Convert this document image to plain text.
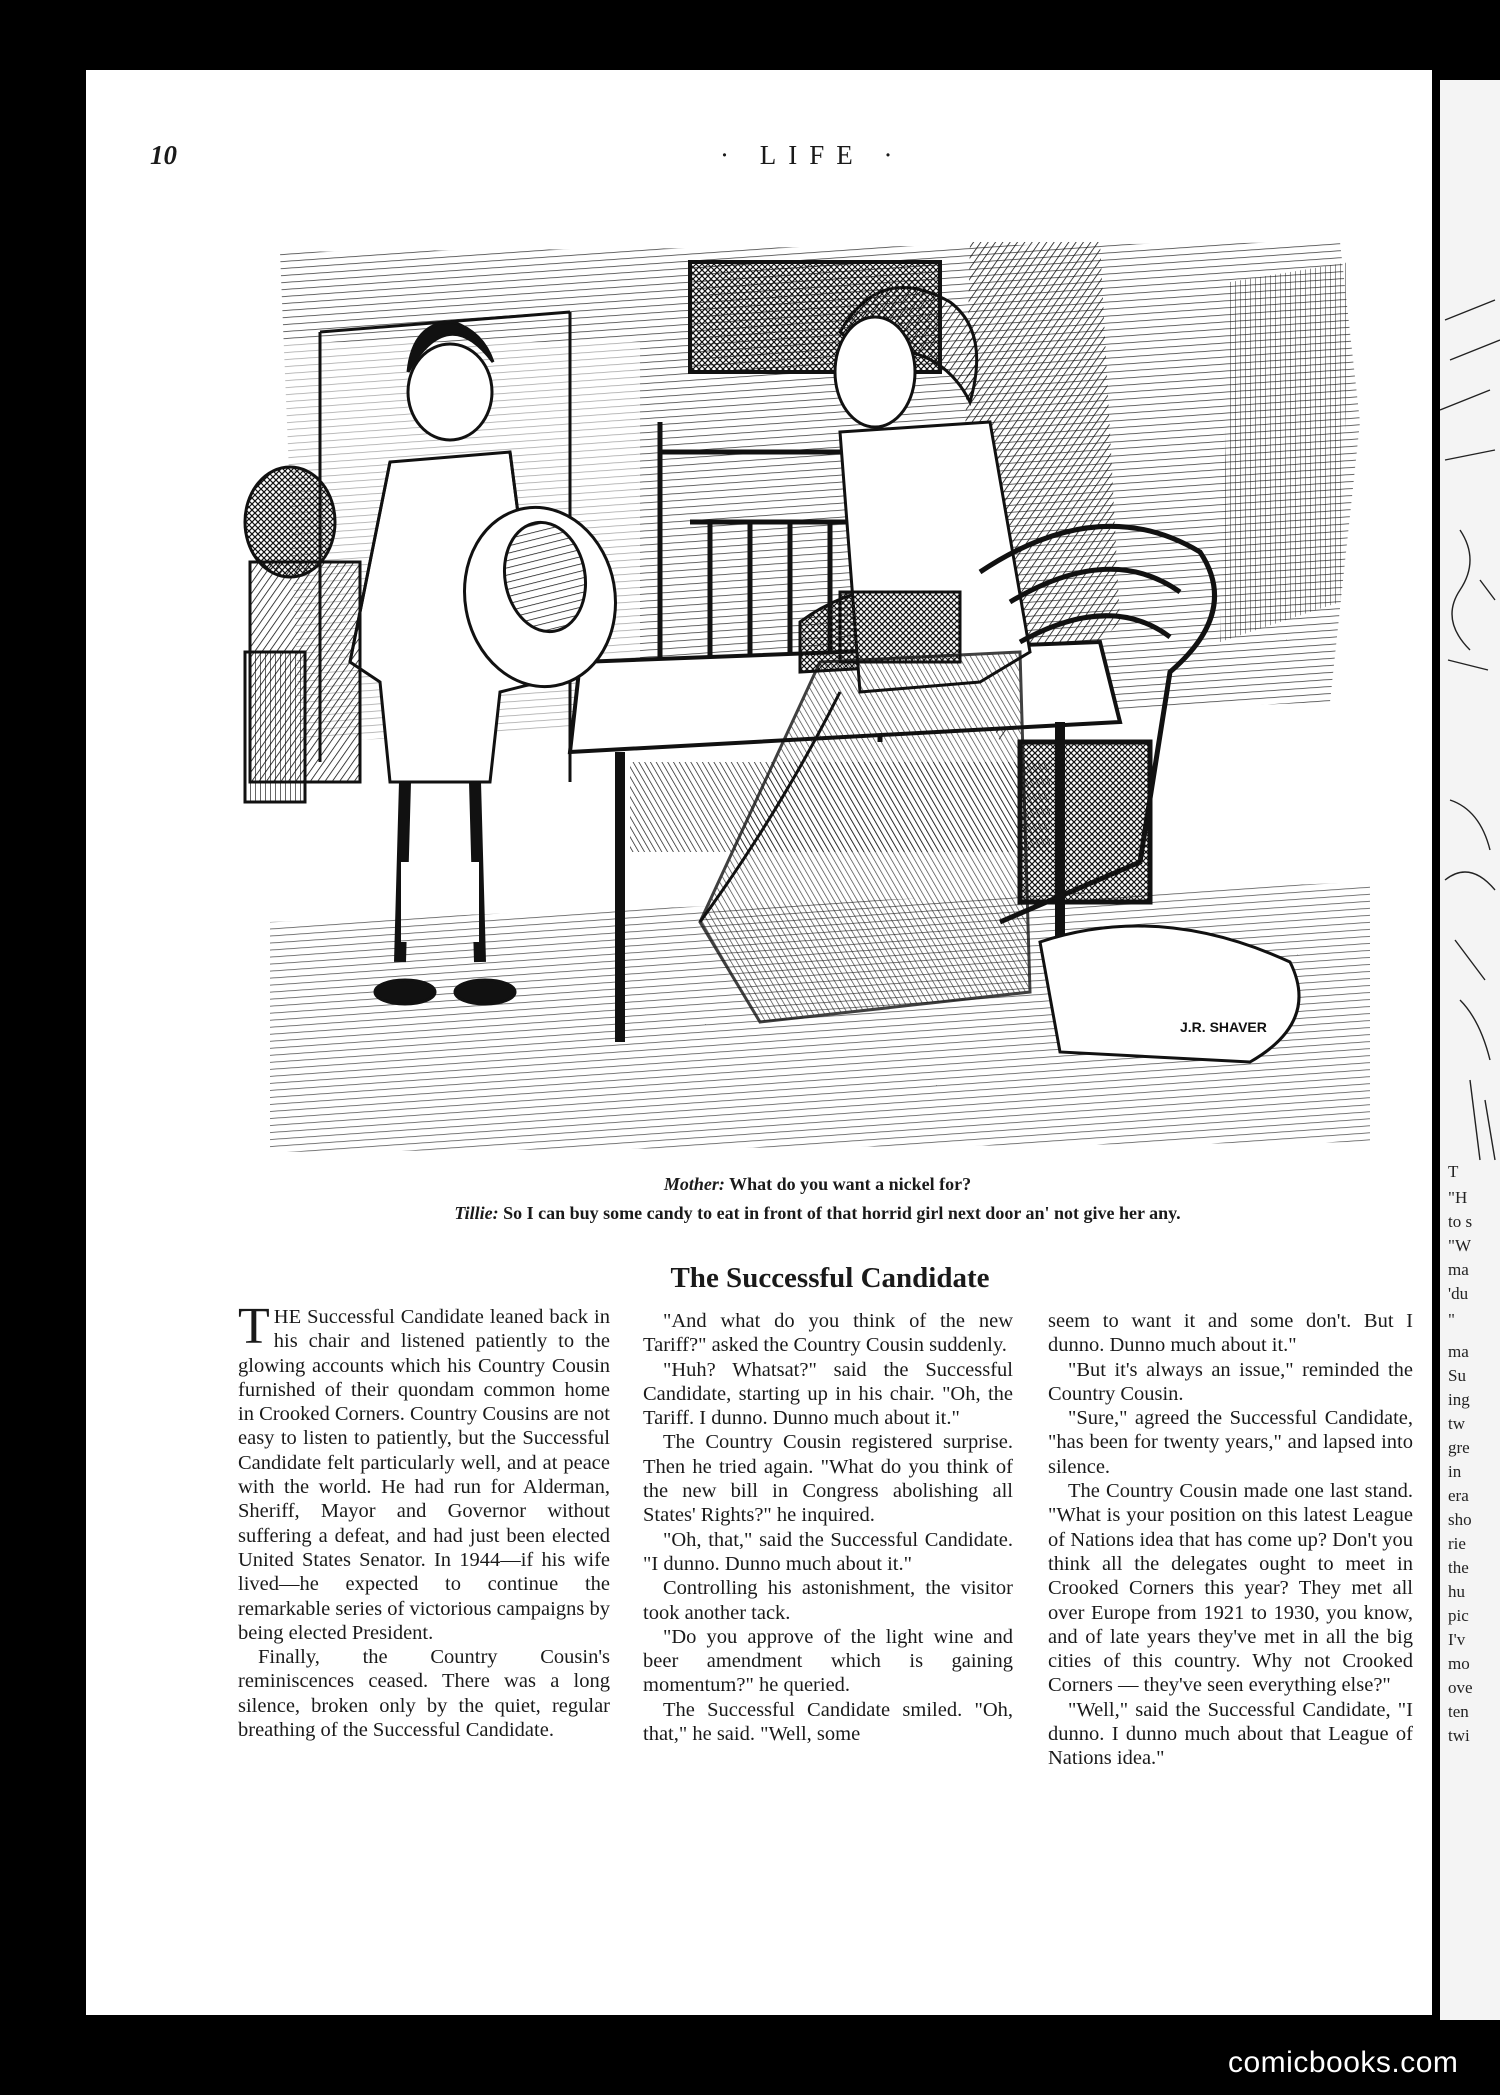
T
"H
to s
"W
ma
'du
"
ma
Su
ing
tw
gre
in
era
sho
rie
the
hu
pic
I'v
mo
ove
ten
twi
10	· LIFE ·
J.R. SHAVER
Mother: What do you want a nickel for?
Tillie: So I can buy some candy to eat in front of that horrid girl next door an' not give her any.
The Successful Candidate

THE Successful Candidate leaned back in his chair and listened patiently to the glowing accounts which his Country Cousin furnished of their quondam common home in Crooked Corners. Country Cousins are not easy to listen to patiently, but the Successful Candidate felt particularly well, and at peace with the world. He had run for Alderman, Sheriff, Mayor and Governor without suffering a defeat, and had just been elected United States Senator. In 1944—if his wife lived—he expected to continue the remarkable series of victorious campaigns by being elected President.

Finally, the Country Cousin's reminiscences ceased. There was a long silence, broken only by the quiet, regular breathing of the Successful Candidate.

"And what do you think of the new Tariff?" asked the Country Cousin suddenly.

"Huh? Whatsat?" said the Successful Candidate, starting up in his chair. "Oh, the Tariff. I dunno. Dunno much about it."

The Country Cousin registered surprise. Then he tried again. "What do you think of the new bill in Congress abolishing all States' Rights?" he inquired.

"Oh, that," said the Successful Candidate. "I dunno. Dunno much about it."

Controlling his astonishment, the visitor took another tack.

"Do you approve of the light wine and beer amendment which is gaining momentum?" he queried.

The Successful Candidate smiled. "Oh, that," he said. "Well, some

seem to want it and some don't. But I dunno. Dunno much about it."

"But it's always an issue," reminded the Country Cousin.

"Sure," agreed the Successful Candidate, "has been for twenty years," and lapsed into silence.

The Country Cousin made one last stand. "What is your position on this latest League of Nations idea that has come up? Don't you think all the delegates ought to meet in Crooked Corners this year? They met all over Europe from 1921 to 1930, you know, and of late years they've met in all the big cities of this country. Why not Crooked Corners — they've seen everything else?"

"Well," said the Successful Candidate, "I dunno. I dunno much about that League of Nations idea."

comicbooks.com
